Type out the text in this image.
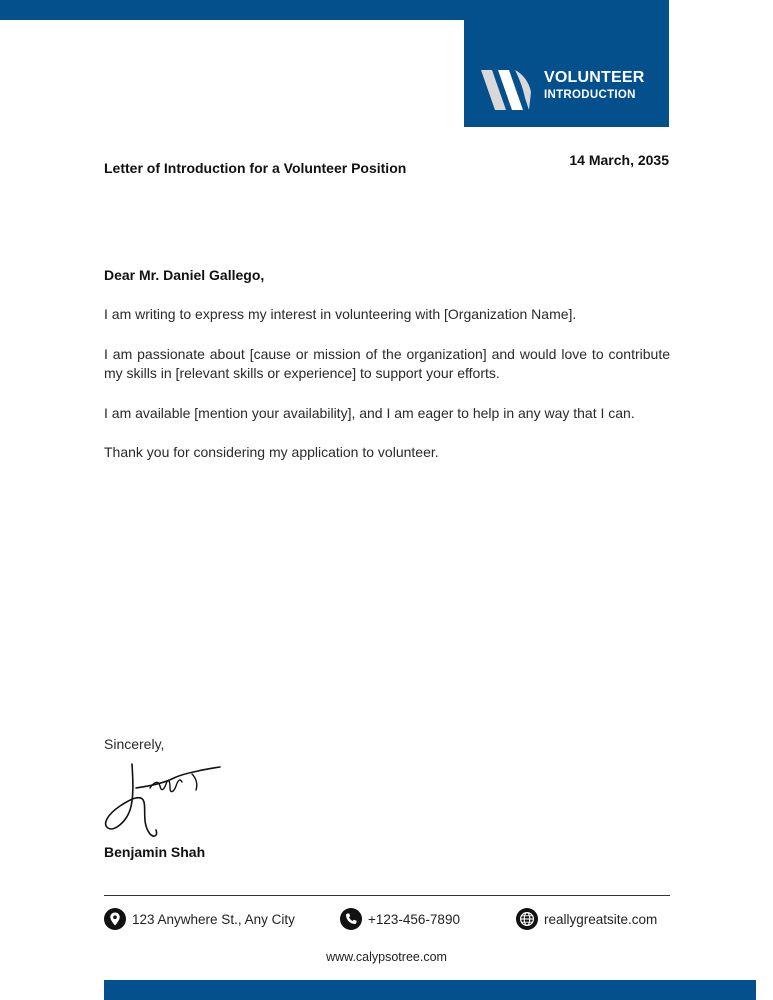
VOLUNTEER
INTRODUCTION
Letter of Introduction for a Volunteer Position	14 March, 2035
Dear Mr. Daniel Gallego,

I am writing to express my interest in volunteering with [Organization Name].

I am passionate about [cause or mission of the organization] and would love to contribute my skills in [relevant skills or experience] to support your efforts.

I am available [mention your availability], and I am eager to help in any way that I can.

Thank you for considering my application to volunteer.

Sincerely,
Benjamin Shah
123 Anywhere St., Any City	+123-456-7890	reallygreatsite.com
www.calypsotree.com
